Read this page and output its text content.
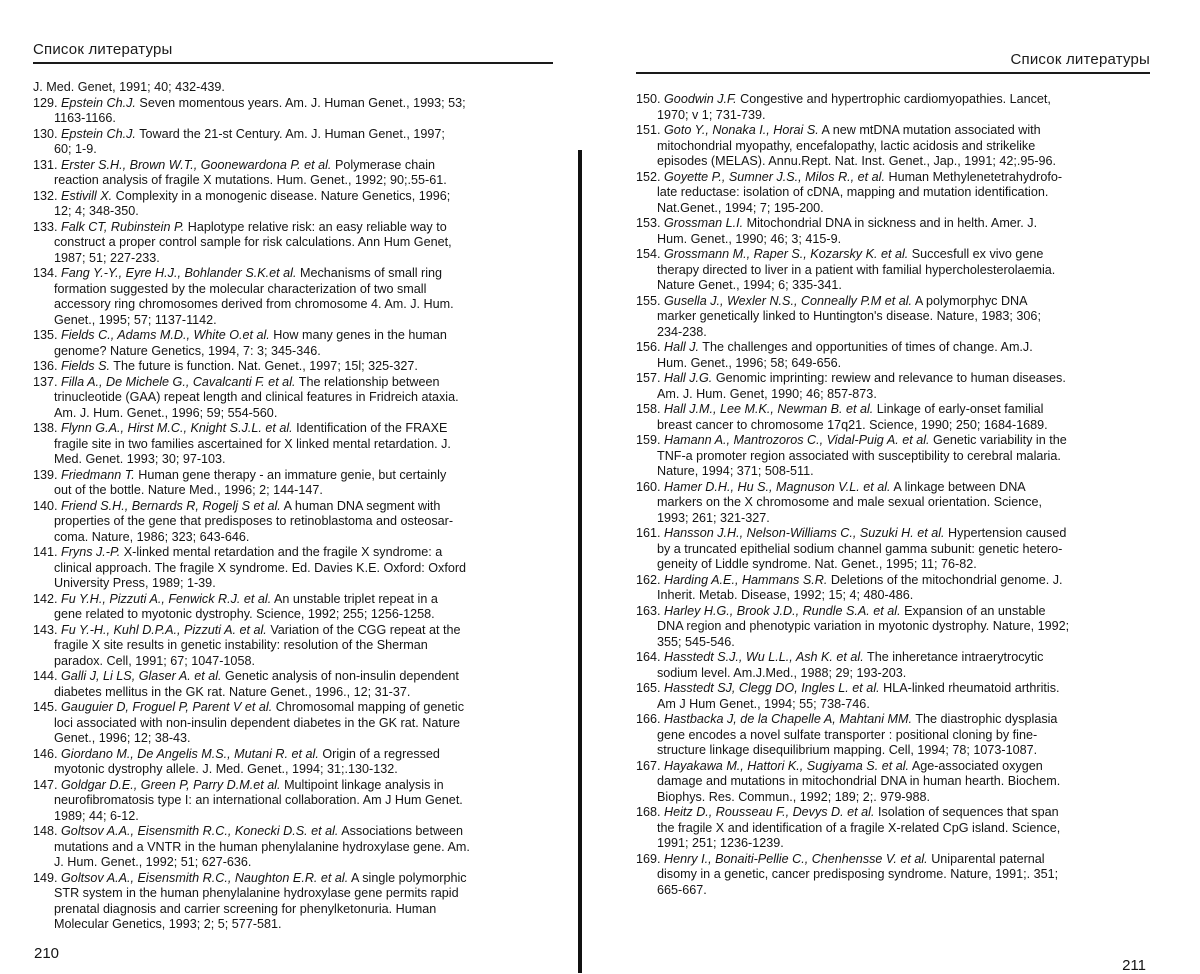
Список литературы
J. Med. Genet, 1991; 40; 432-439.
129. Epstein Ch.J. Seven momentous years. Am. J. Human Genet., 1993; 53;
1163-1166.
130. Epstein Ch.J. Toward the 21-st Century. Am. J. Human Genet., 1997;
60; 1-9.
131. Erster S.H., Brown W.T., Goonewardona P. et al. Polymerase chain
reaction analysis of fragile X mutations. Hum. Genet., 1992; 90;.55-61.
132. Estivill X. Complexity in a monogenic disease. Nature Genetics, 1996;
12; 4; 348-350.
133. Falk CT, Rubinstein P. Haplotype relative risk: an easy reliable way to
construct a proper control sample for risk calculations. Ann Hum Genet,
1987; 51; 227-233.
134. Fang Y.-Y., Eyre H.J., Bohlander S.K.et al. Mechanisms of small ring
formation suggested by the molecular characterization of two small
accessory ring chromosomes derived from chromosome 4. Am. J. Hum.
Genet., 1995; 57; 1137-1142.
135. Fields C., Adams M.D., White O.et al. How many genes in the human
genome? Nature Genetics, 1994, 7: 3; 345-346.
136. Fields S. The future is function. Nat. Genet., 1997; 15l; 325-327.
137. Filla A., De Michele G., Cavalcanti F. et al. The relationship between
trinucleotide (GAA) repeat length and clinical features in Fridreich ataxia.
Am. J. Hum. Genet., 1996; 59; 554-560.
138. Flynn G.A., Hirst M.C., Knight S.J.L. et al. Identification of the FRAXE
fragile site in two families ascertained for X linked mental retardation. J.
Med. Genet. 1993; 30; 97-103.
139. Friedmann T. Human gene therapy - an immature genie, but certainly
out of the bottle. Nature Med., 1996; 2; 144-147.
140. Friend S.H., Bernards R, Rogelj S et al. A human DNA segment with
properties of the gene that predisposes to retinoblastoma and osteosar-
coma. Nature, 1986; 323; 643-646.
141. Fryns J.-P. X-linked mental retardation and the fragile X syndrome: a
clinical approach. The fragile X syndrome. Ed. Davies K.E. Oxford: Oxford
University Press, 1989; 1-39.
142. Fu Y.H., Pizzuti A., Fenwick R.J. et al. An unstable triplet repeat in a
gene related to myotonic dystrophy. Science, 1992; 255; 1256-1258.
143. Fu Y.-H., Kuhl D.P.A., Pizzuti A. et al. Variation of the CGG repeat at the
fragile X site results in genetic instability: resolution of the Sherman
paradox. Cell, 1991; 67; 1047-1058.
144. Galli J, Li LS, Glaser A. et al. Genetic analysis of non-insulin dependent
diabetes mellitus in the GK rat. Nature Genet., 1996., 12; 31-37.
145. Gauguier D, Froguel P, Parent V et al. Chromosomal mapping of genetic
loci associated with non-insulin dependent diabetes in the GK rat. Nature
Genet., 1996; 12; 38-43.
146. Giordano M., De Angelis M.S., Mutani R. et al. Origin of a regressed
myotonic dystrophy allele. J. Med. Genet., 1994; 31;.130-132.
147. Goldgar D.E., Green P, Parry D.M.et al. Multipoint linkage analysis in
neurofibromatosis type I: an international collaboration. Am J Hum Genet.
1989; 44; 6-12.
148. Goltsov A.A., Eisensmith R.C., Konecki D.S. et al. Associations between
mutations and a VNTR in the human phenylalanine hydroxylase gene. Am.
J. Hum. Genet., 1992; 51; 627-636.
149. Goltsov A.A., Eisensmith R.C., Naughton E.R. et al. A single polymorphic
STR system in the human phenylalanine hydroxylase gene permits rapid
prenatal diagnosis and carrier screening for phenylketonuria. Human
Molecular Genetics, 1993; 2; 5; 577-581.
210
Список литературы
150. Goodwin J.F. Congestive and hypertrophic cardiomyopathies. Lancet,
1970; v 1; 731-739.
151. Goto Y., Nonaka I., Horai S. A new mtDNA mutation associated with
mitochondrial myopathy, encefalopathy, lactic acidosis and strikelike
episodes (MELAS). Annu.Rept. Nat. Inst. Genet., Jap., 1991; 42;.95-96.
152. Goyette P., Sumner J.S., Milos R., et al. Human Methylenetetrahydrofo-
late reductase: isolation of cDNA, mapping and mutation identification.
Nat.Genet., 1994; 7; 195-200.
153. Grossman L.I. Mitochondrial DNA in sickness and in helth. Amer. J.
Hum. Genet., 1990; 46; 3; 415-9.
154. Grossmann M., Raper S., Kozarsky K. et al. Succesfull ex vivo gene
therapy directed to liver in a patient with familial hypercholesterolaemia.
Nature Genet., 1994; 6; 335-341.
155. Gusella J., Wexler N.S., Conneally P.M et al. A polymorphyc DNA
marker genetically linked to Huntington's disease. Nature, 1983; 306;
234-238.
156. Hall J. The challenges and opportunities of times of change. Am.J.
Hum. Genet., 1996; 58; 649-656.
157. Hall J.G. Genomic imprinting: rewiew and relevance to human diseases.
Am. J. Hum. Genet, 1990; 46; 857-873.
158. Hall J.M., Lee M.K., Newman B. et al. Linkage of early-onset familial
breast cancer to chromosome 17q21. Science, 1990; 250; 1684-1689.
159. Hamann A., Mantrozoros C., Vidal-Puig A. et al. Genetic variability in the
TNF-a promoter region associated with susceptibility to cerebral malaria.
Nature, 1994; 371; 508-511.
160. Hamer D.H., Hu S., Magnuson V.L. et al. A linkage between DNA
markers on the X chromosome and male sexual orientation. Science,
1993; 261; 321-327.
161. Hansson J.H., Nelson-Williams C., Suzuki H. et al. Hypertension caused
by a truncated epithelial sodium channel gamma subunit: genetic hetero-
geneity of Liddle syndrome. Nat. Genet., 1995; 11; 76-82.
162. Harding A.E., Hammans S.R. Deletions of the mitochondrial genome. J.
Inherit. Metab. Disease, 1992; 15; 4; 480-486.
163. Harley H.G., Brook J.D., Rundle S.A. et al. Expansion of an unstable
DNA region and phenotypic variation in myotonic dystrophy. Nature, 1992;
355; 545-546.
164. Hasstedt S.J., Wu L.L., Ash K. et al. The inheretance intraerytrocytic
sodium level. Am.J.Med., 1988; 29; 193-203.
165. Hasstedt SJ, Clegg DO, Ingles L. et al. HLA-linked rheumatoid arthritis.
Am J Hum Genet., 1994; 55; 738-746.
166. Hastbacka J, de la Chapelle A, Mahtani MM. The diastrophic dysplasia
gene encodes a novel sulfate transporter : positional cloning by fine-
structure linkage disequilibrium mapping. Cell, 1994; 78; 1073-1087.
167. Hayakawa M., Hattori K., Sugiyama S. et al. Age-associated oxygen
damage and mutations in mitochondrial DNA in human hearth. Biochem.
Biophys. Res. Commun., 1992; 189; 2;. 979-988.
168. Heitz D., Rousseau F., Devys D. et al. Isolation of sequences that span
the fragile X and identification of a fragile X-related CpG island. Science,
1991; 251; 1236-1239.
169. Henry I., Bonaiti-Pellie C., Chenhensse V. et al. Uniparental paternal
disomy in a genetic, cancer predisposing syndrome. Nature, 1991;. 351;
665-667.
211
